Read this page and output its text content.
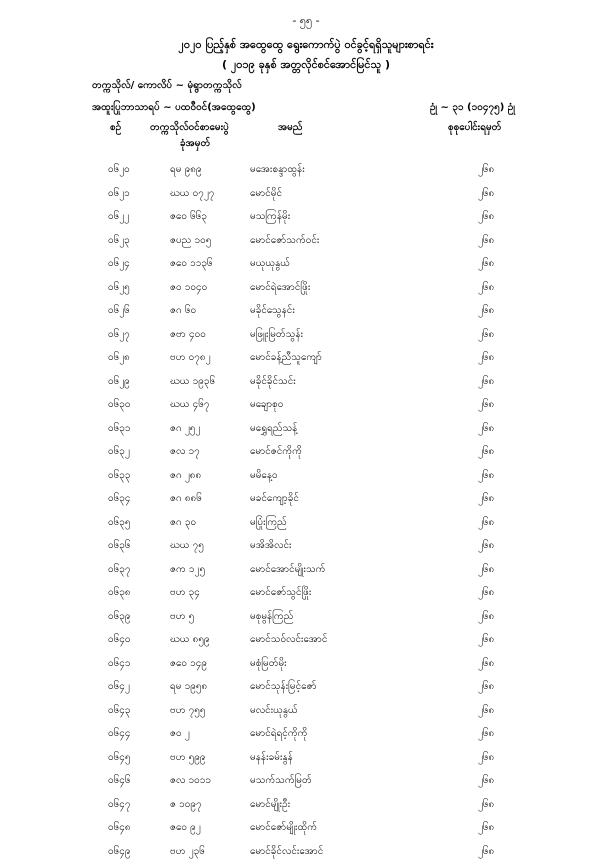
- ၅၅ -
၂၀၂၀ ပြည့်နှစ် အထွေထွေ ရွေးကောက်ပွဲ ဝင်ခွင့်ရရှိသူများစာရင်း
( ၂၀၁၉ ခုနှစ် အတ္တလိုင်စင်အောင်မြင်သူ )
တက္ကသိုလ်/ ကောလိပ် ~ မုံရွာတက္ကသိုလ်
အထူးပြုဘာသာရပ် ~ ပထဝီဝင်(အထွေထွေ)	ဥုံ ~ ၃၁ (၁၀၄၇၅) ဥုံ
စဉ်	တက္ကသိုလ်ဝင်စာမေးပွဲ
ခုံအမှတ်
အမည်	စုစုပေါင်းရမှတ်
၀၆၂၀	ရမ ၉၈၉	မအေးစန္ဒာထွန်း	၂၆၈
၀၆၂၁	ဃယ ၀၇၂၇	မောင်မိုင်	၂၆၈
၀၆၂၂	ဇဝေ ၆၆၃	မသကြန်မိုး	၂၆၈
၀၆၂၃	ဇပည ၁၀၅	မောင်ဇော်သက်ဝင်း	၂၆၈
၀၆၂၄	ဇဝေ ၁၁၃၆	မယုယုနွယ်	၂၆၈
၀၆၂၅	ဇဝ ၁၀၄၀	မောင်ရဲအောင်ဖြိုး	၂၆၈
၀၆၂၆	ဇဂ ၆၀	မခိုင်သွေနင်း	၂၆၈
၀၆၂၇	ဇဗာ ၄၀၀	မဖြူးမြတ်သွန်း	၂၆၈
၀၆၂၈	ဗဟ ၀၇၈၂	မောင်ခန့်ညီသူကျော်	၂၆၈
၀၆၂၉	ဃယ ၁၉၃၆	မခိုင်ခိုင်သင်း	၂၆၈
၀၆၃၀	ဃယ ၄၆၇	မချောစု၀	၂၆၈
၀၆၃၁	ဇဂ ၂၅၂	မရွှေရည်သန့်	၂၆၈
၀၆၃၂	ဇလ ၁၇	မောင်ဇင်ကိုကို	၂၆၈
၀၆၃၃	ဇဂ ၂၈၈	မမိနေ့ဝ	၂၆၈
၀၆၃၄	ဇဂ ၈၈၆	မခင်ကျော့ခိုင်	၂၆၈
၀၆၃၅	ဇဂ ၃၀	မပြုံးကြည်	၂၆၈
၀၆၃၆	ဃယ ၇၅	မအိအိလင်း	၂၆၈
၀၆၃၇	ဇက ၁၂၅	မောင်အောင်မျိုးသက်	၂၆၈
၀၆၃၈	ဗဟ ၃၄	မောင်ဇော်သွင်ဖြိုး	၂၆၈
၀၆၃၉	ဗဟ ၅	မစုမွန်ကြည်	၂၆၈
၀၆၄၀	ဃယ ၈၅၉	မောင်သဝ်လင်းအောင်	၂၆၈
၀၆၄၁	ဇဝေ ၁၄၉	မစုံမြတ်မိုး	၂၆၈
၀၆၄၂	ရမ ၁၉၅၈	မောင်သုန်းမြင့်ဇော်	၂၆၈
၀၆၄၃	ဗဟ ၇၅၅	မလင်းယုနွယ်	၂၆၈
၀၆၄၄	ဇဝ ၂	မောင်ရဲရင့်ကိုကို	၂၆၈
၀၆၄၅	ဗဟ ၅၉၉	မနန်းခမ်းနွန်	၂၆၈
၀၆၄၆	ဇလ ၁၀၁၁	မသက်သက်မြတ်	၂၆၈
၀၆၄၇	ဇ ၁၀၉၇	မောင်မျိုးဦး	၂၆၈
၀၆၄၈	ဇဝေ ၉၂	မောင်ဇော်မျိုးထိုက်	၂၆၈
၀၆၄၉	ဗဟ ၂၃၆	မောင်ခိုင်လင်းအောင်	၂၆၈
